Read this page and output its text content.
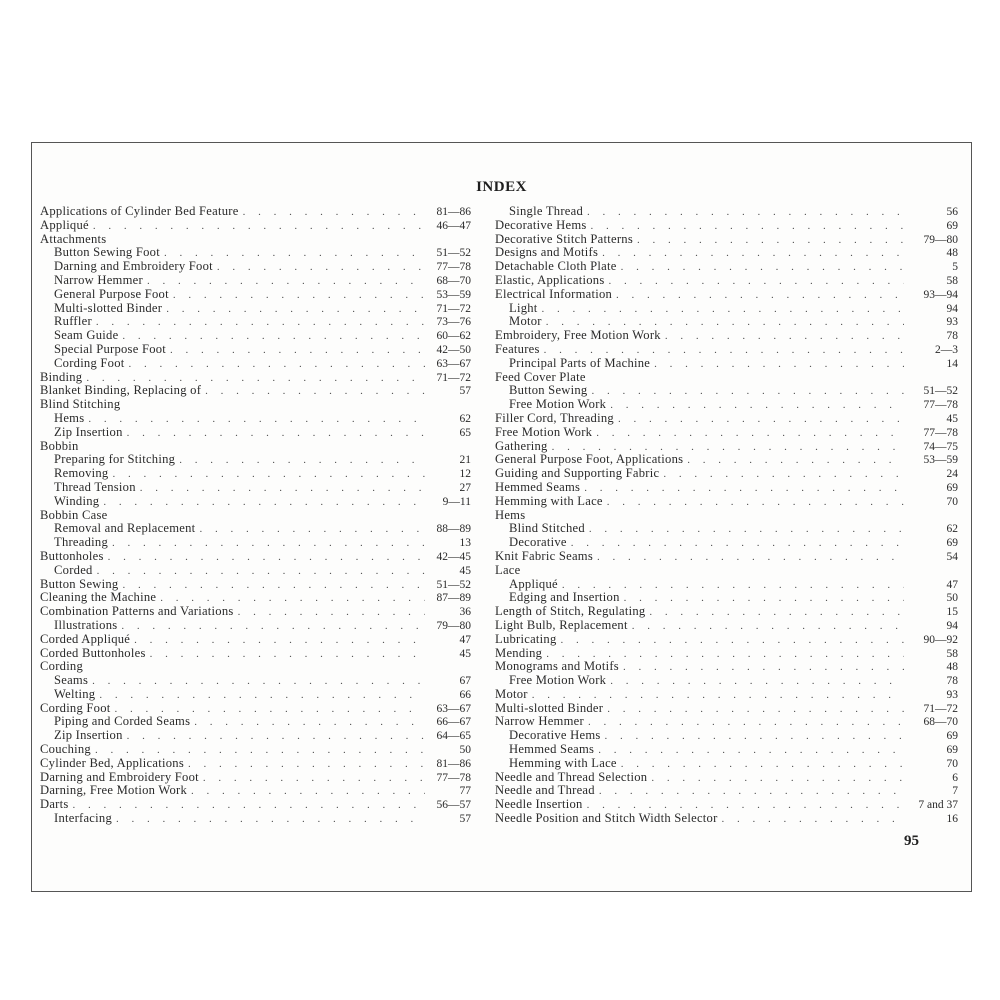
INDEX
Applications of Cylinder Bed Feature . . .	81—86
Appliqué . . .	46—47
Attachments
Button Sewing Foot . . .	51—52
Darning and Embroidery Foot . . .	77—78
Narrow Hemmer . . .	68—70
General Purpose Foot . . .	53—59
Multi-slotted Binder . . .	71—72
Ruffler . . .	73—76
Seam Guide . . .	60—62
Special Purpose Foot . . .	42—50
Cording Foot . . .	63—67
Binding . . .	71—72
Blanket Binding, Replacing of . . .	57
Blind Stitching
Hems . . .	62
Zip Insertion . . .	65
Bobbin
Preparing for Stitching . . .	21
Removing . . .	12
Thread Tension . . .	27
Winding . . .	9—11
Bobbin Case
Removal and Replacement . . .	88—89
Threading . . .	13
Buttonholes . . .	42—45
Corded . . .	45
Button Sewing . . .	51—52
Cleaning the Machine . . .	87—89
Combination Patterns and Variations . . .	36
Illustrations . . .	79—80
Corded Appliqué . . .	47
Corded Buttonholes . . .	45
Cording
Seams . . .	67
Welting . . .	66
Cording Foot . . .	63—67
Piping and Corded Seams . . .	66—67
Zip Insertion . . .	64—65
Couching . . .	50
Cylinder Bed, Applications . . .	81—86
Darning and Embroidery Foot . . .	77—78
Darning, Free Motion Work . . .	77
Darts . . .	56—57
Interfacing . . .	57
Single Thread . . .	56
Decorative Hems . . .	69
Decorative Stitch Patterns . . .	79—80
Designs and Motifs . . .	48
Detachable Cloth Plate . . .	5
Elastic, Applications . . .	58
Electrical Information . . .	93—94
Light . . .	94
Motor . . .	93
Embroidery, Free Motion Work . . .	78
Features . . .	2—3
Principal Parts of Machine . . .	14
Feed Cover Plate
Button Sewing . . .	51—52
Free Motion Work . . .	77—78
Filler Cord, Threading . . .	45
Free Motion Work . . .	77—78
Gathering . . .	74—75
General Purpose Foot, Applications . . .	53—59
Guiding and Supporting Fabric . . .	24
Hemmed Seams . . .	69
Hemming with Lace . . .	70
Hems
Blind Stitched . . .	62
Decorative . . .	69
Knit Fabric Seams . . .	54
Lace
Appliqué . . .	47
Edging and Insertion . . .	50
Length of Stitch, Regulating . . .	15
Light Bulb, Replacement . . .	94
Lubricating . . .	90—92
Mending . . .	58
Monograms and Motifs . . .	48
Free Motion Work . . .	78
Motor . . .	93
Multi-slotted Binder . . .	71—72
Narrow Hemmer . . .	68—70
Decorative Hems . . .	69
Hemmed Seams . . .	69
Hemming with Lace . . .	70
Needle and Thread Selection . . .	6
Needle and Thread . . .	7
Needle Insertion . . .	7 and 37
Needle Position and Stitch Width Selector . . .	16
95
